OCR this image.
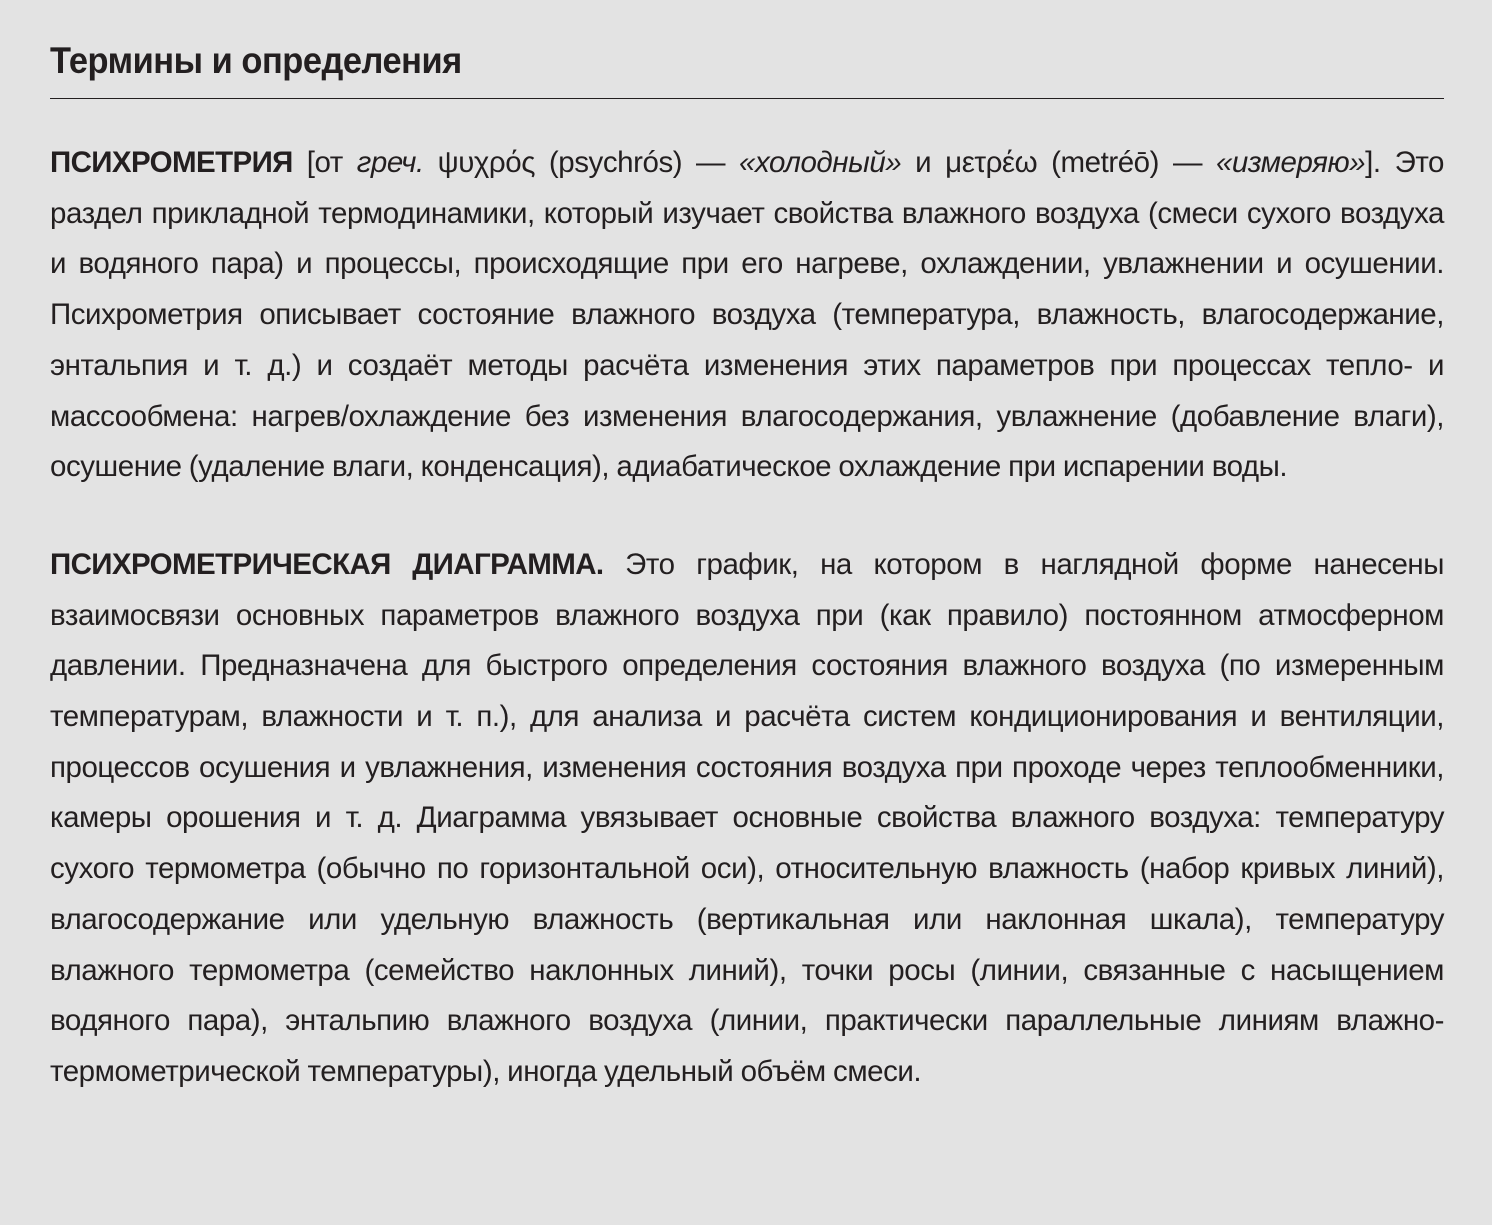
Термины и определения

ПСИХРОМЕТРИЯ [от греч. ψυχρός (psychrós) — «холодный» и μετρέω (metréō) — «измеряю»]. Это раздел прикладной термодинамики, который изучает свойства влажного воздуха (смеси сухого воздуха и водяного пара) и процессы, происходящие при его нагреве, охлаждении, увлажнении и осушении. Психрометрия описывает состояние влажного воздуха (температура, влажность, влагосодержание, энтальпия и т. д.) и создаёт методы расчёта изменения этих параметров при процессах тепло- и массообмена: нагрев/охлаждение без изменения влагосодержания, увлажнение (добавление влаги), осушение (удаление влаги, конденсация), адиабатическое охлаждение при испарении воды.

ПСИХРОМЕТРИЧЕСКАЯ ДИАГРАММА. Это график, на котором в наглядной форме нанесены взаимосвязи основных параметров влажного воздуха при (как правило) постоянном атмосферном давлении. Предназначена для быстрого определения состояния влажного воздуха (по измеренным температурам, влажности и т. п.), для анализа и расчёта систем кондиционирования и вентиляции, процессов осушения и увлажнения, изменения состояния воздуха при проходе через теплообменники, камеры орошения и т. д. Диаграмма увязывает основные свойства влажного воздуха: температуру сухого термометра (обычно по горизонтальной оси), относительную влажность (набор кривых линий), влагосодержание или удельную влажность (вертикальная или наклонная шкала), температуру влажного термометра (семейство наклонных линий), точки росы (линии, связанные с насыщением водяного пара), энтальпию влажного воздуха (линии, практически параллельные линиям влажно-термометрической температуры), иногда удельный объём смеси.
